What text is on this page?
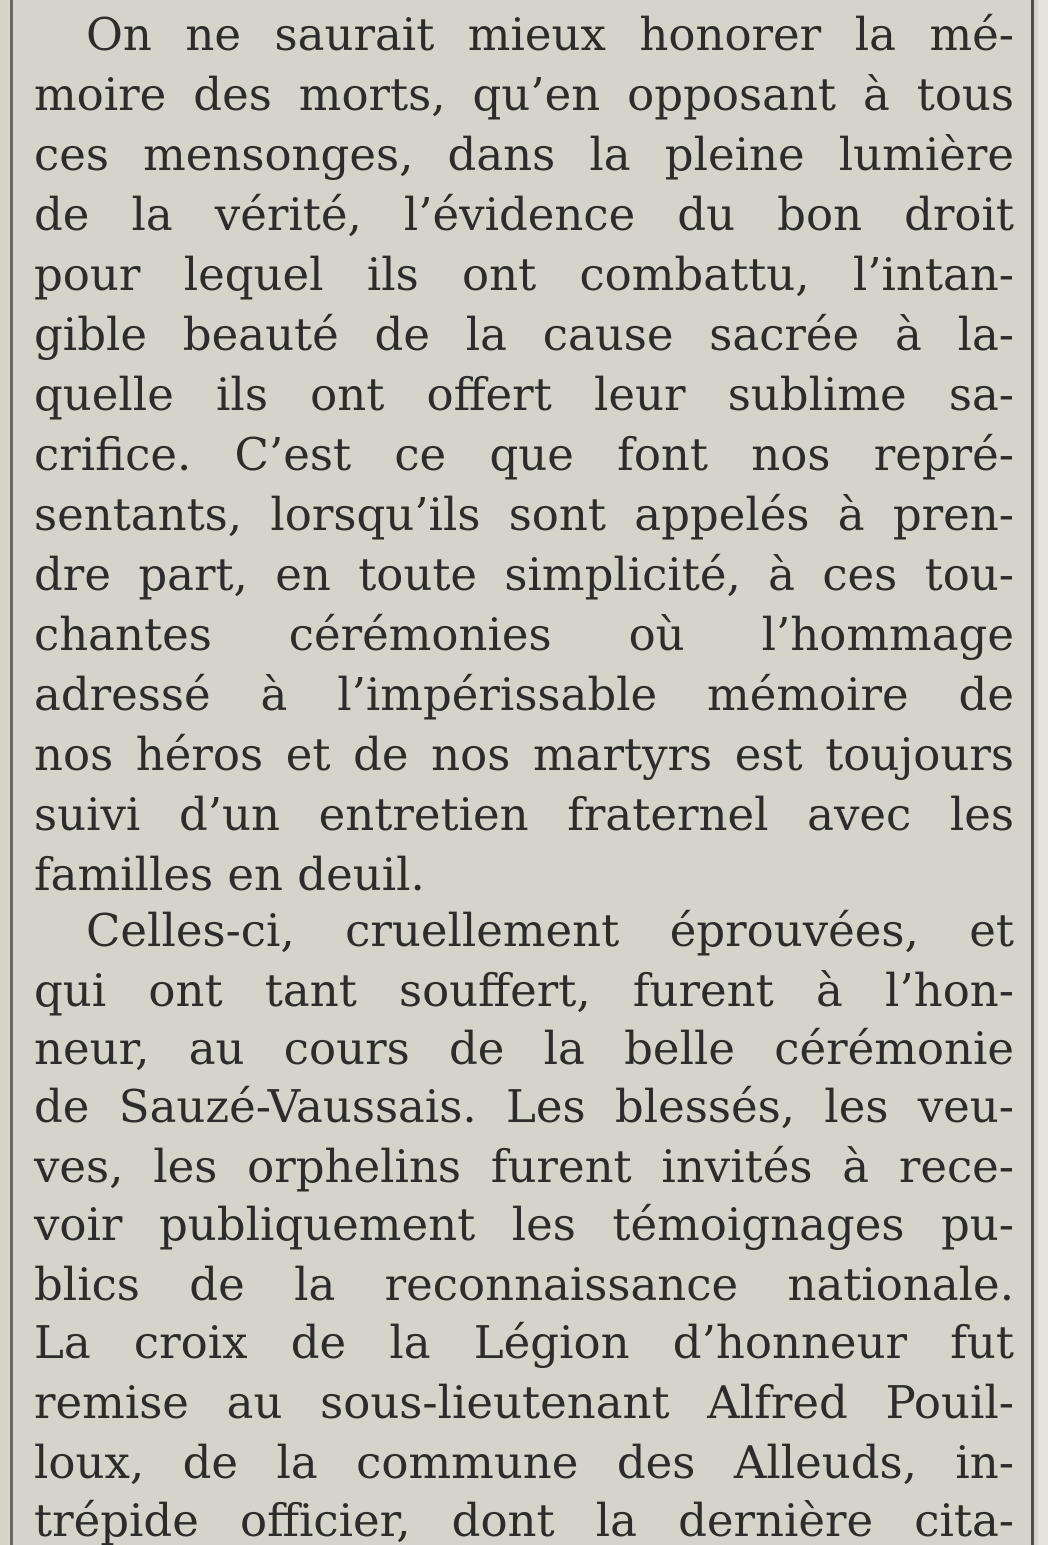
On ne saurait mieux honorer la mé-
moire des morts, qu’en opposant à tous
ces mensonges, dans la pleine lumière
de la vérité, l’évidence du bon droit
pour lequel ils ont combattu, l’intan-
gible beauté de la cause sacrée à la-
quelle ils ont offert leur sublime sa-
crifice. C’est ce que font nos repré-
sentants, lorsqu’ils sont appelés à pren-
dre part, en toute simplicité, à ces tou-
chantes cérémonies où l’hommage
adressé à l’impérissable mémoire de
nos héros et de nos martyrs est toujours
suivi d’un entretien fraternel avec les
familles en deuil.
Celles-ci, cruellement éprouvées, et
qui ont tant souffert, furent à l’hon-
neur, au cours de la belle cérémonie
de Sauzé-Vaussais. Les blessés, les veu-
ves, les orphelins furent invités à rece-
voir publiquement les témoignages pu-
blics de la reconnaissance nationale.
La croix de la Légion d’honneur fut
remise au sous-lieutenant Alfred Pouil-
loux, de la commune des Alleuds, in-
trépide officier, dont la dernière cita-
